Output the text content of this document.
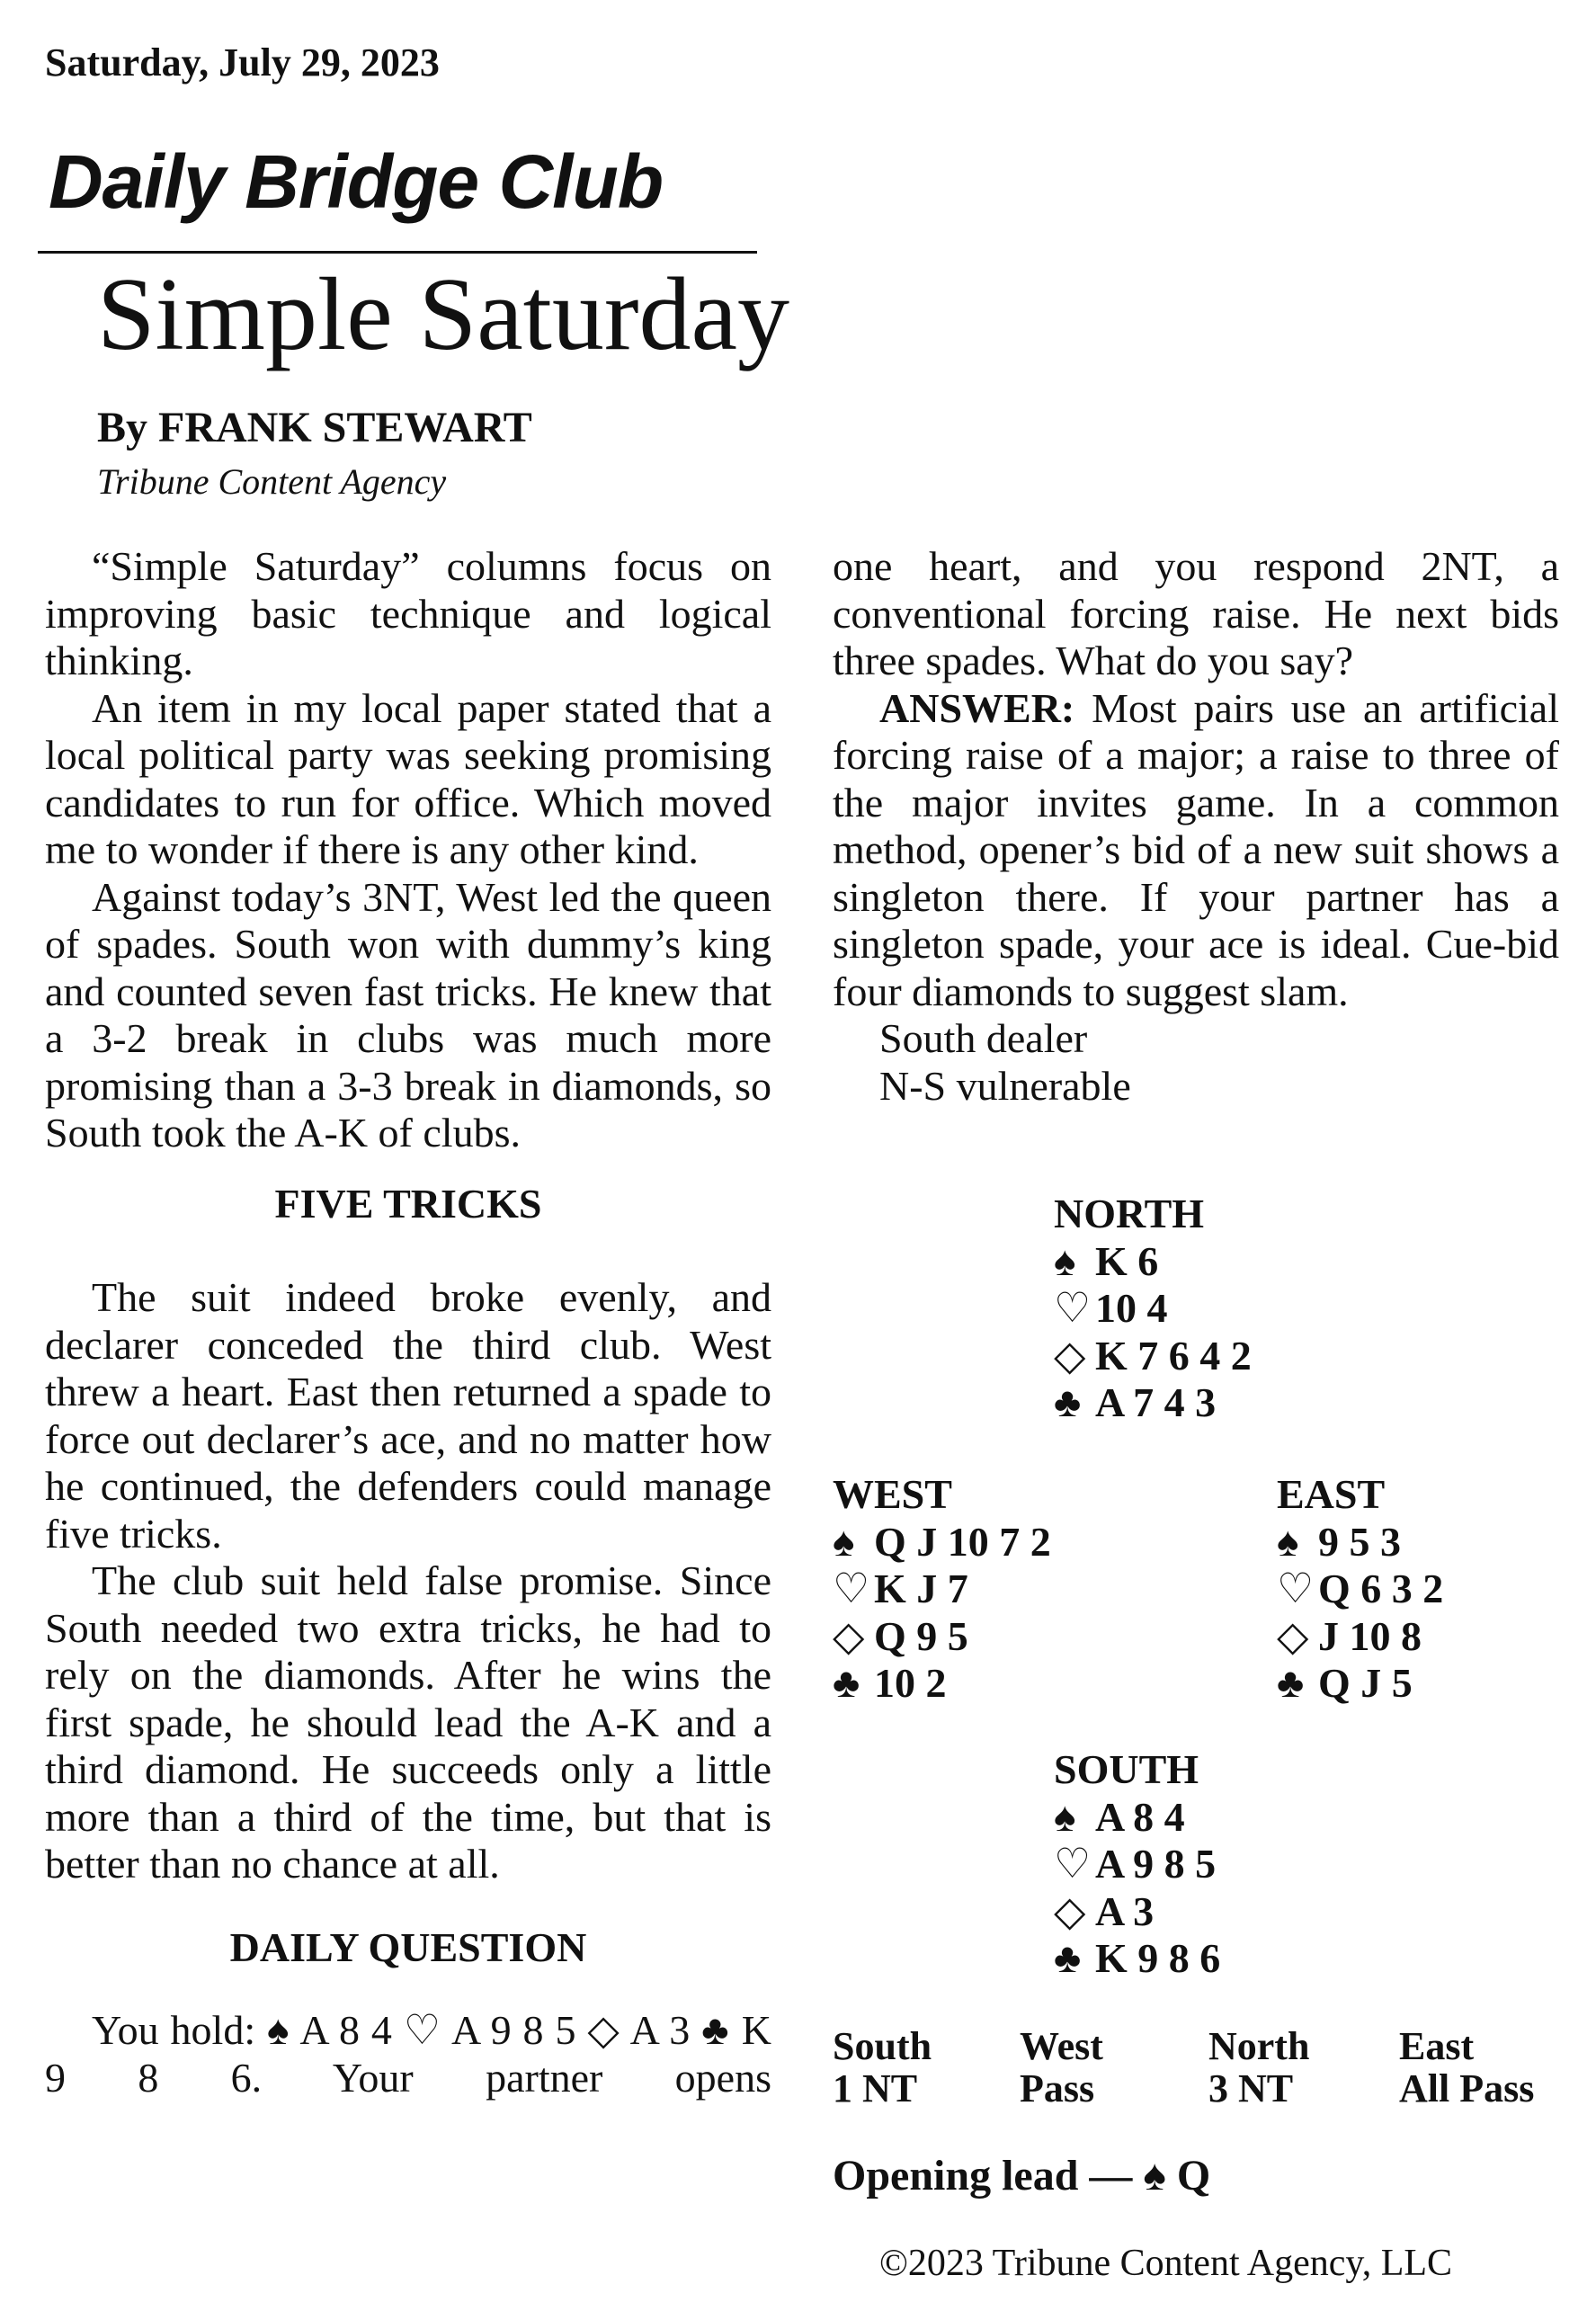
Saturday, July 29, 2023
Daily Bridge Club
Simple Saturday
By FRANK STEWART
Tribune Content Agency

“Simple Saturday” columns focus on improving basic technique and logical thinking.

An item in my local paper stated that a local political party was seeking promising candidates to run for office. Which moved me to wonder if there is any other kind.

Against today’s 3NT, West led the queen of spades. South won with dummy’s king and counted seven fast tricks. He knew that a 3-2 break in clubs was much more promising than a 3-3 break in diamonds, so South took the A-K of clubs.

FIVE TRICKS

The suit indeed broke evenly, and declarer conceded the third club. West threw a heart. East then returned a spade to force out declarer’s ace, and no matter how he continued, the defenders could manage five tricks.

The club suit held false promise. Since South needed two extra tricks, he had to rely on the diamonds. After he wins the first spade, he should lead the A-K and a third diamond. He succeeds only a little more than a third of the time, but that is better than no chance at all.

DAILY QUESTION

You hold: ♠ A 8 4 ♡ A 9 8 5 ◇ A 3 ♣ K 9 8 6. Your partner opens

one heart, and you respond 2NT, a conventional forcing raise. He next bids three spades. What do you say?

ANSWER: Most pairs use an artificial forcing raise of a major; a raise to three of the major invites game. In a common method, opener’s bid of a new suit shows a singleton there. If your partner has a singleton spade, your ace is ideal. Cue-bid four diamonds to suggest slam.

South dealer
N-S vulnerable
NORTH
♠ K 6
♡ 10 4
◇ K 7 6 4 2
♣ A 7 4 3
WEST
♠ Q J 10 7 2
♡ K J 7
◇ Q 9 5
♣ 10 2
EAST
♠ 9 5 3
♡ Q 6 3 2
◇ J 10 8
♣ Q J 5
SOUTH
♠ A 8 4
♡ A 9 8 5
◇ A 3
♣ K 9 8 6
South
1 NT
West
Pass
North
3 NT
East
All Pass
Opening lead — ♠ Q
©2023 Tribune Content Agency, LLC
